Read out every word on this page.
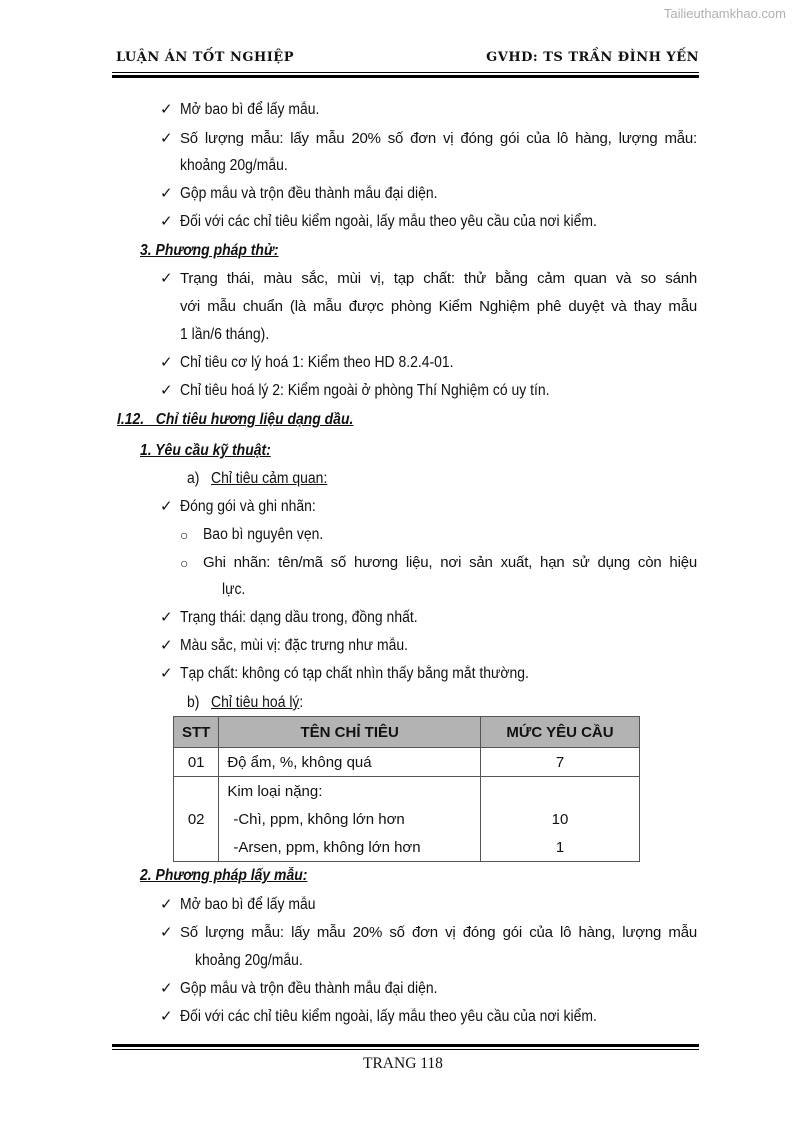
Tailieuthamkhao.com
LUẬN ÁN TỐT NGHIỆP	GVHD: TS TRẦN ĐÌNH YẾN
✓ Mở bao bì để lấy mẫu.
✓ Số lượng mẫu: lấy mẫu 20% số đơn vị đóng gói của lô hàng, lượng mẫu:
khoảng 20g/mẫu.
✓ Gộp mẫu và trộn đều thành mẫu đại diện.
✓ Đối với các chỉ tiêu kiểm ngoài, lấy mẫu theo yêu cầu của nơi kiểm.
3. Phương pháp thử:
✓ Trạng thái, màu sắc, mùi vị, tạp chất: thử bằng cảm quan và so sánh
với mẫu chuẩn (là mẫu được phòng Kiểm Nghiệm phê duyệt và thay mẫu
1 lần/6 tháng).
✓ Chỉ tiêu cơ lý hoá 1: Kiểm theo HD 8.2.4-01.
✓ Chỉ tiêu hoá lý 2: Kiểm ngoài ở phòng Thí Nghiệm có uy tín.
I.12.   Chỉ tiêu hương liệu dạng dầu.
1. Yêu cầu kỹ thuật:
a) Chỉ tiêu cảm quan:
✓ Đóng gói và ghi nhãn:
○ Bao bì nguyên vẹn.
○ Ghi nhãn: tên/mã số hương liệu, nơi sản xuất, hạn sử dụng còn hiệu
lực.
✓ Trạng thái: dạng dầu trong, đồng nhất.
✓ Màu sắc, mùi vị: đặc trưng như mẫu.
✓ Tạp chất: không có tạp chất nhìn thấy bằng mắt thường.
b) Chỉ tiêu hoá lý:
STT	TÊN CHỈ TIÊU	MỨC YÊU CẦU
01	Độ ẩm, %, không quá	7
02	Kim loại nặng:	
	-Chì, ppm, không lớn hơn	10
	-Arsen, ppm, không lớn hơn	1
2. Phương pháp lấy mẫu:
✓ Mở bao bì để lấy mẫu
✓ Số lượng mẫu: lấy mẫu 20% số đơn vị đóng gói của lô hàng, lượng mẫu
khoảng 20g/mẫu.
✓ Gộp mẫu và trộn đều thành mẫu đại diện.
✓ Đối với các chỉ tiêu kiểm ngoài, lấy mẫu theo yêu cầu của nơi kiểm.
TRANG 118
